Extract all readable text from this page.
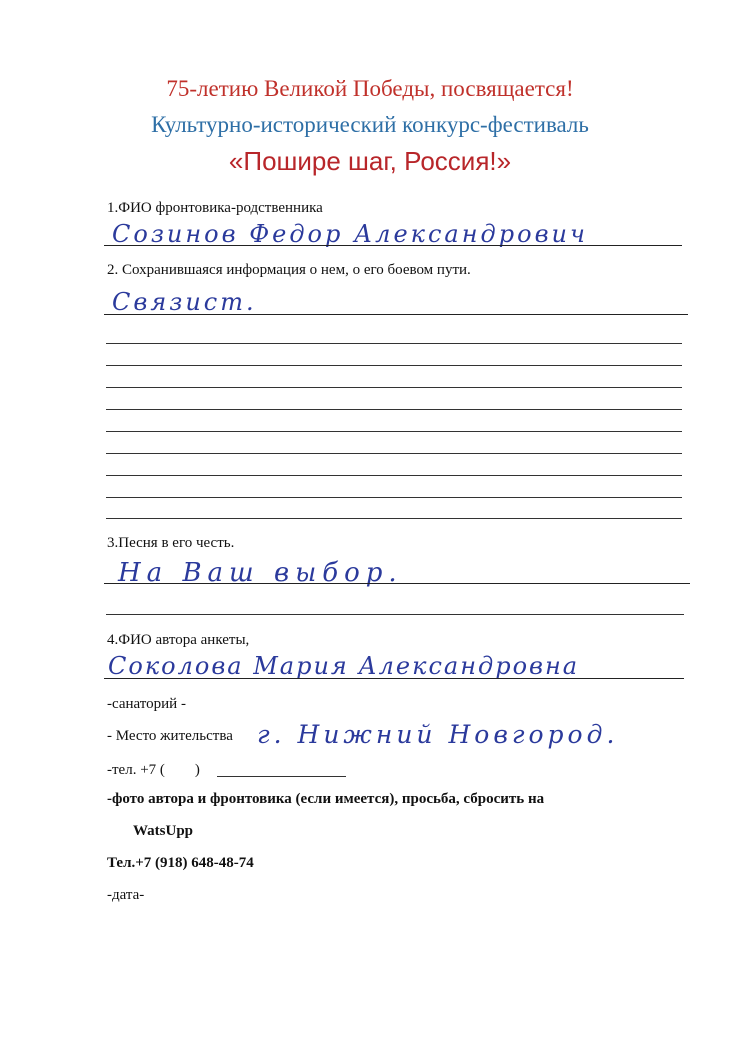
75-летию Великой Победы, посвящается!
Культурно-исторический конкурс-фестиваль
«Пошире шаг, Россия!»
1.ФИО фронтовика-родственника
Созинов Федор Александрович
2. Сохранившаяся информация о нем, о его боевом пути.
Связист.
3.Песня в его честь.
На Ваш выбор.
4.ФИО автора анкеты,
Соколова Мария Александровна
-санаторий -
- Место жительства г. Нижний Новгород.
-тел. +7 (        )
-фото автора и фронтовика (если имеется), просьба, сбросить на
WatsUpp
Тел.+7 (918) 648-48-74
-дата-
